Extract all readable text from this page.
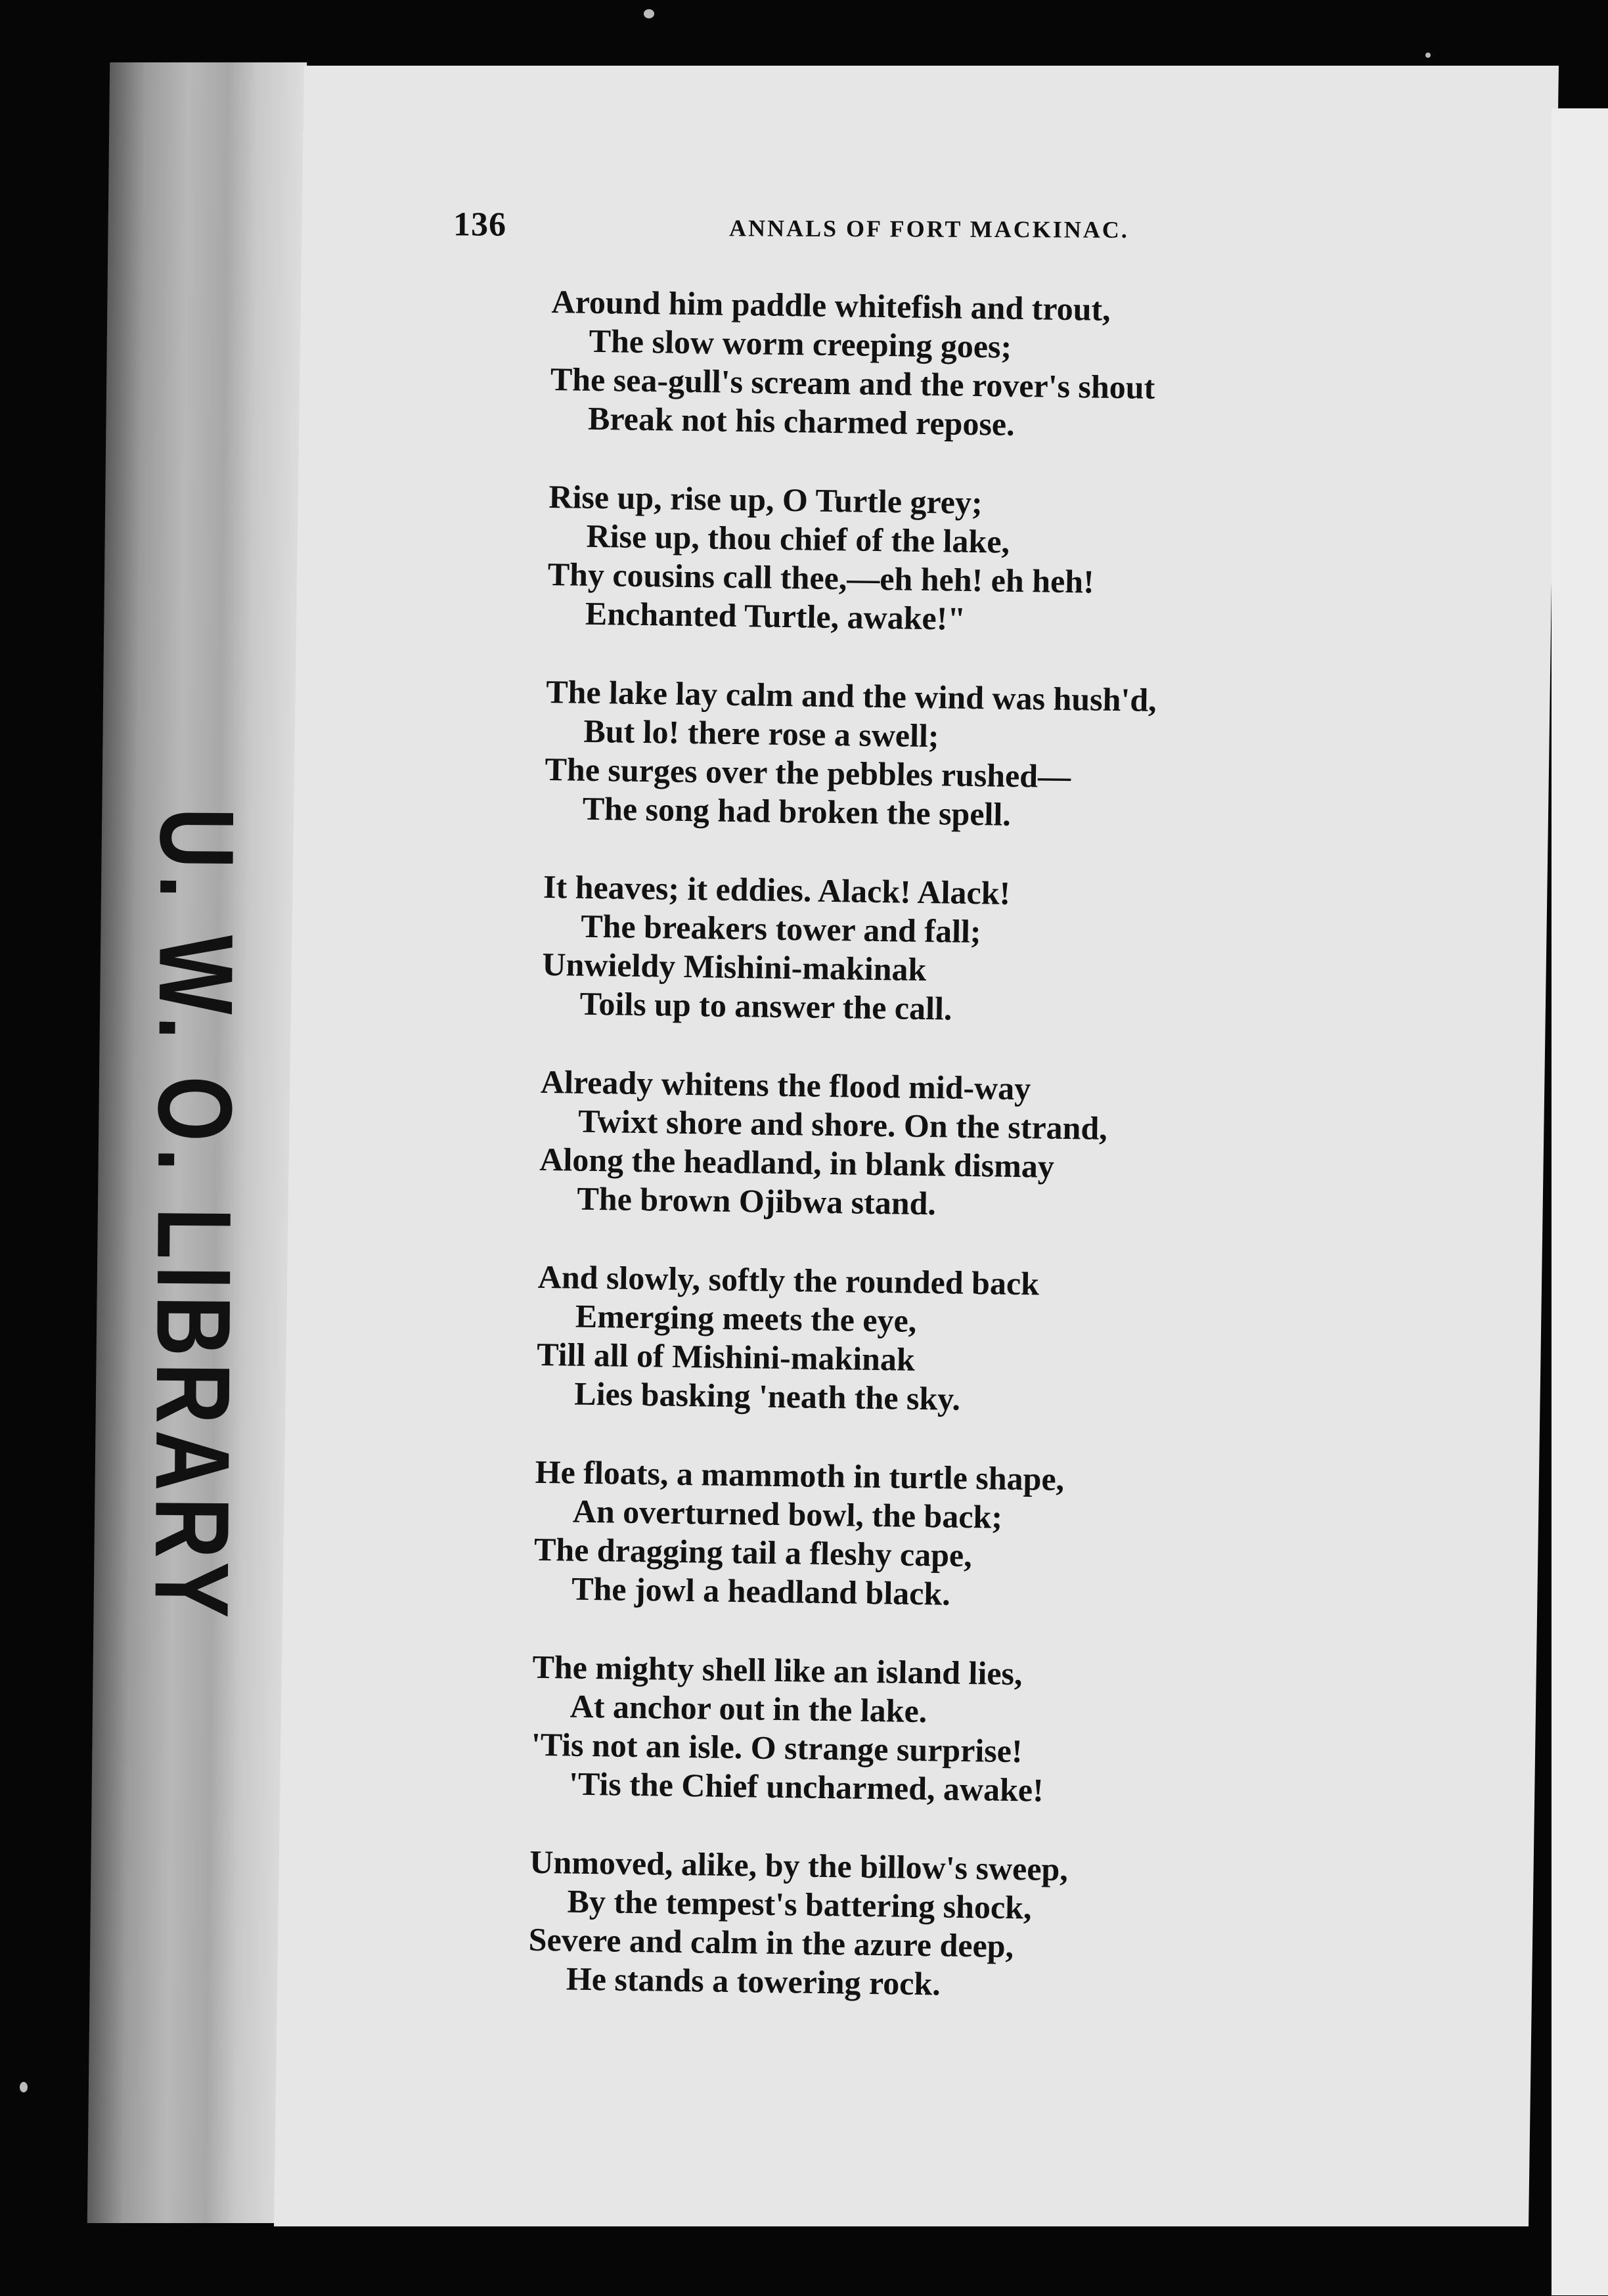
U. W. O. LIBRARY
136	ANNALS OF FORT MACKINAC.
Around him paddle whitefish and trout,
The slow worm creeping goes;
The sea-gull's scream and the rover's shout
Break not his charmed repose.
Rise up, rise up, O Turtle grey;
Rise up, thou chief of the lake,
Thy cousins call thee,—eh heh! eh heh!
Enchanted Turtle, awake!"
The lake lay calm and the wind was hush'd,
But lo! there rose a swell;
The surges over the pebbles rushed—
The song had broken the spell.
It heaves; it eddies. Alack! Alack!
The breakers tower and fall;
Unwieldy Mishini-makinak
Toils up to answer the call.
Already whitens the flood mid-way
Twixt shore and shore. On the strand,
Along the headland, in blank dismay
The brown Ojibwa stand.
And slowly, softly the rounded back
Emerging meets the eye,
Till all of Mishini-makinak
Lies basking 'neath the sky.
He floats, a mammoth in turtle shape,
An overturned bowl, the back;
The dragging tail a fleshy cape,
The jowl a headland black.
The mighty shell like an island lies,
At anchor out in the lake.
'Tis not an isle. O strange surprise!
'Tis the Chief uncharmed, awake!
Unmoved, alike, by the billow's sweep,
By the tempest's battering shock,
Severe and calm in the azure deep,
He stands a towering rock.
